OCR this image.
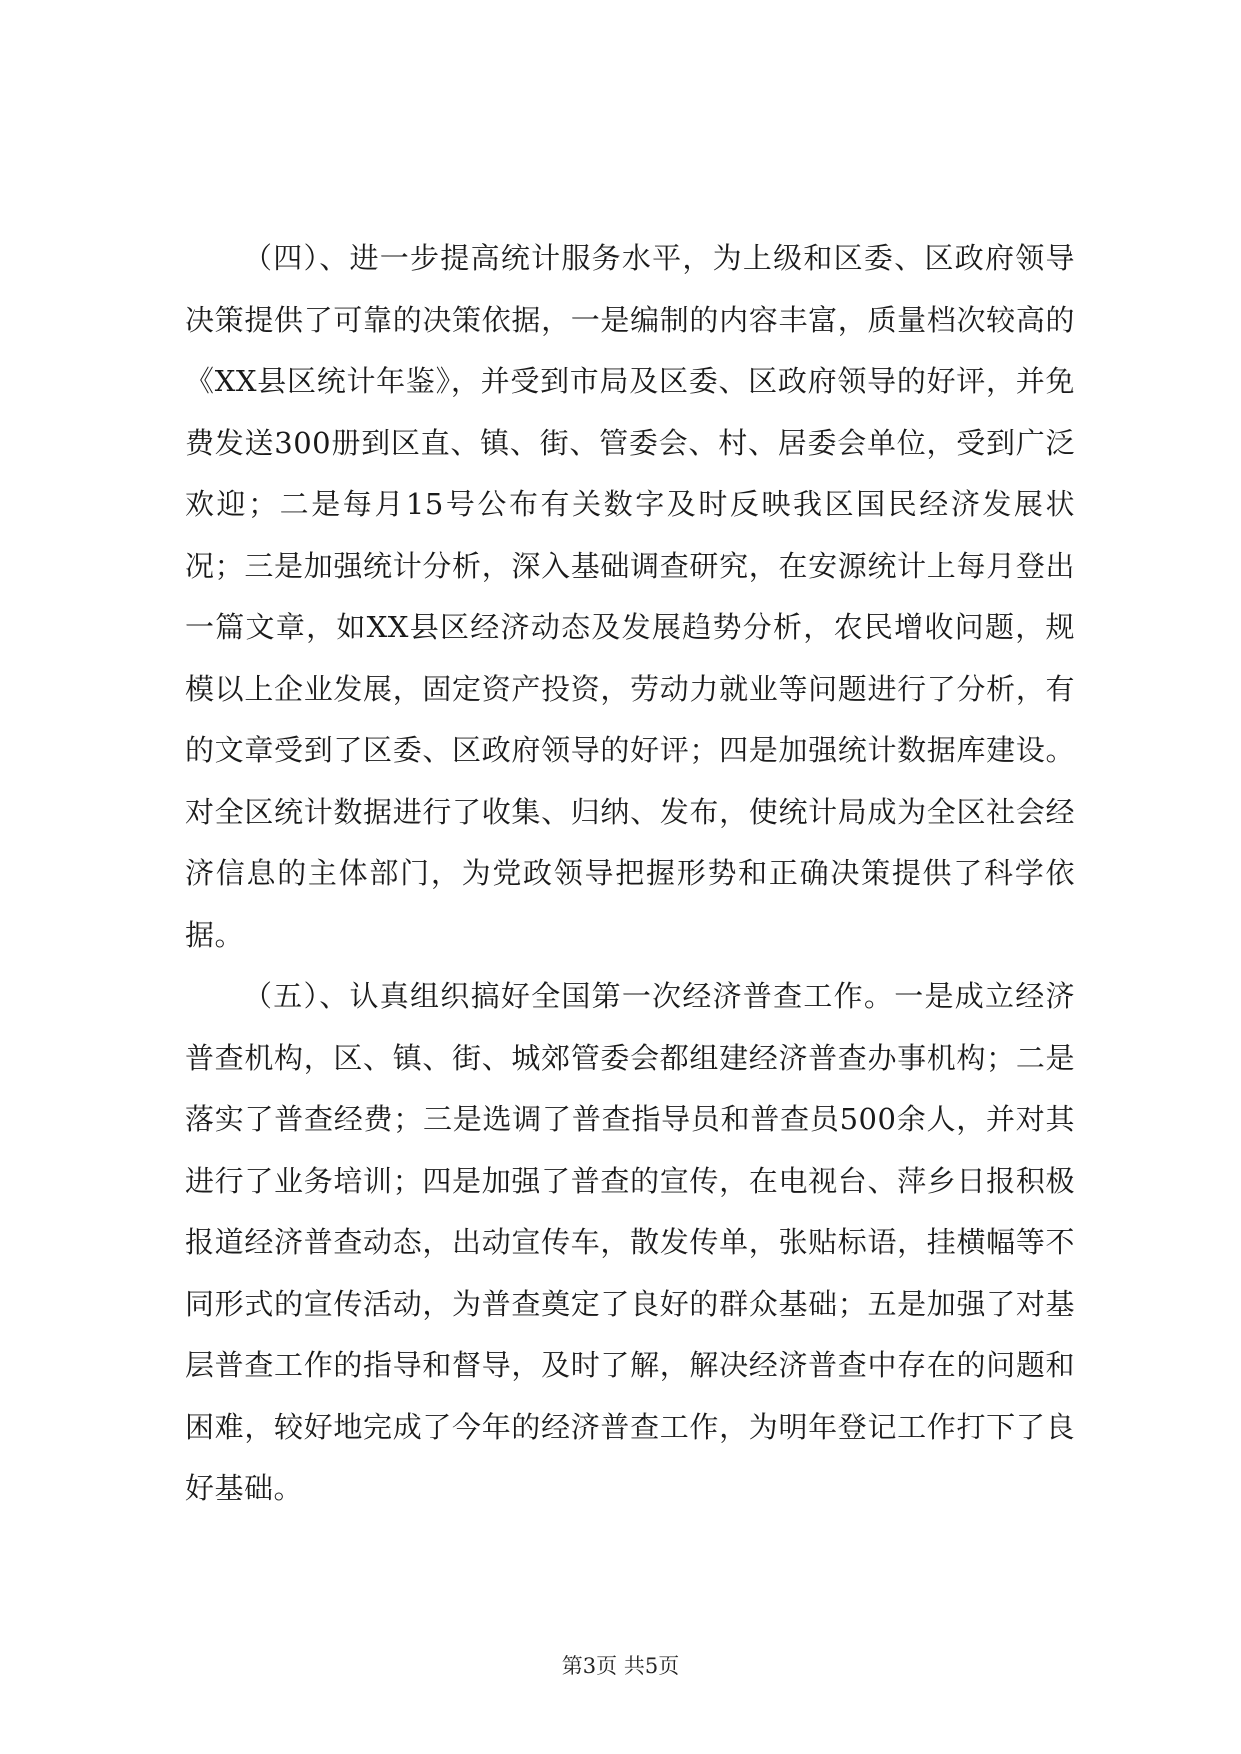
（四）、进一步提高统计服务水平，为上级和区委、区政府领导决策提供了可靠的决策依据，一是编制的内容丰富，质量档次较高的《XX县区统计年鉴》，并受到市局及区委、区政府领导的好评，并免费发送300册到区直、镇、街、管委会、村、居委会单位，受到广泛欢迎；二是每月15号公布有关数字及时反映我区国民经济发展状况；三是加强统计分析，深入基础调查研究，在安源统计上每月登出一篇文章，如XX县区经济动态及发展趋势分析，农民增收问题，规模以上企业发展，固定资产投资，劳动力就业等问题进行了分析，有的文章受到了区委、区政府领导的好评；四是加强统计数据库建设。对全区统计数据进行了收集、归纳、发布，使统计局成为全区社会经济信息的主体部门，为党政领导把握形势和正确决策提供了科学依据。

（五）、认真组织搞好全国第一次经济普查工作。一是成立经济普查机构，区、镇、街、城郊管委会都组建经济普查办事机构；二是落实了普查经费；三是选调了普查指导员和普查员500余人，并对其进行了业务培训；四是加强了普查的宣传，在电视台、萍乡日报积极报道经济普查动态，出动宣传车，散发传单，张贴标语，挂横幅等不同形式的宣传活动，为普查奠定了良好的群众基础；五是加强了对基层普查工作的指导和督导，及时了解，解决经济普查中存在的问题和困难，较好地完成了今年的经济普查工作，为明年登记工作打下了良好基础。

第3页 共5页
